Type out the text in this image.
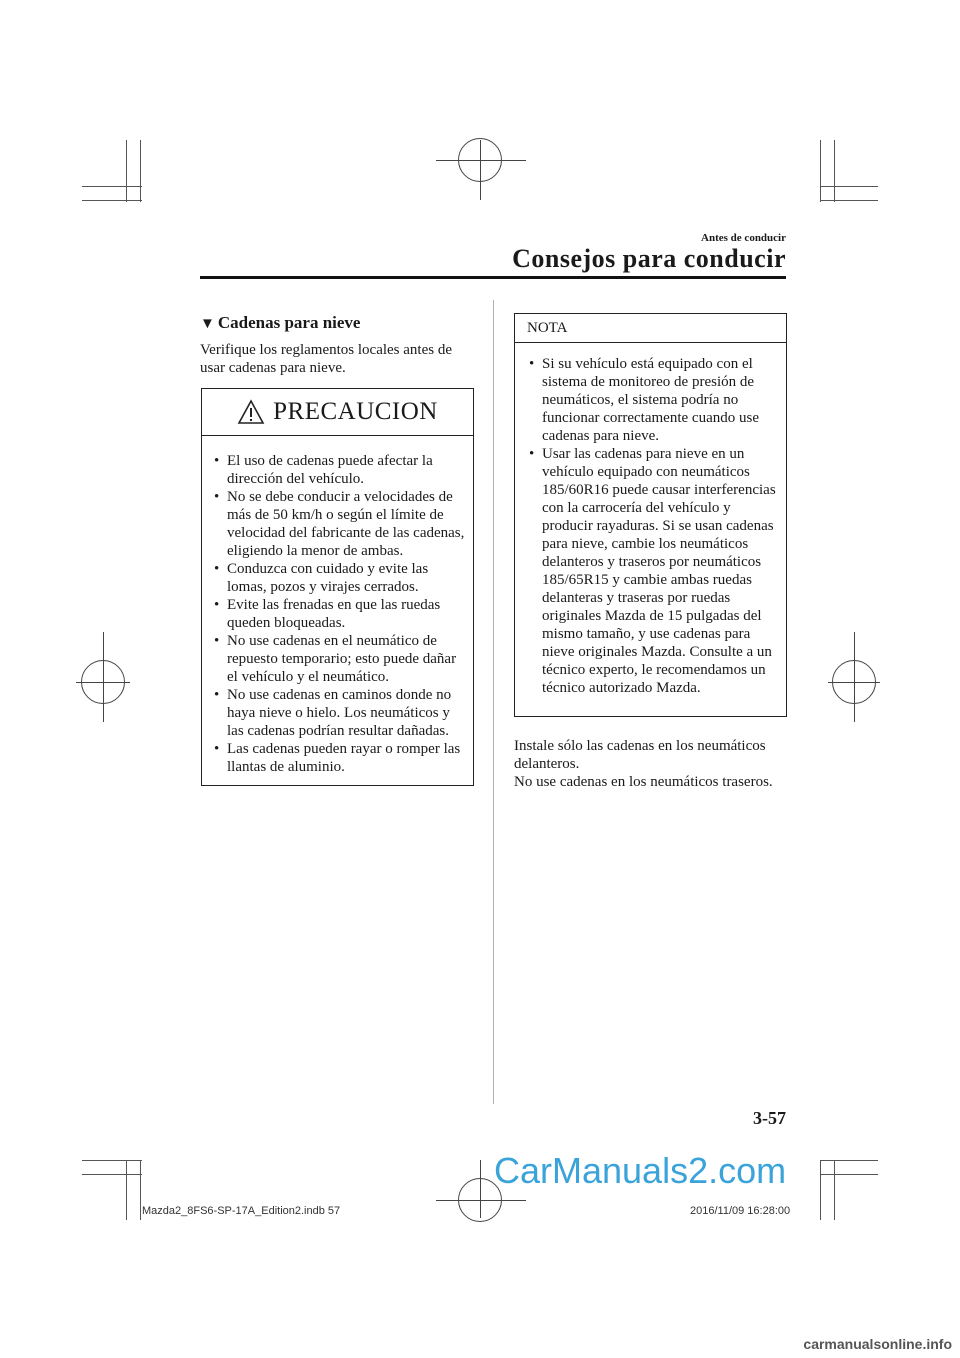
Antes de conducir
Consejos para conducir
▼ Cadenas para nieve
Verifique los reglamentos locales antes de usar cadenas para nieve.
PRECAUCION
• El uso de cadenas puede afectar la dirección del vehículo.
• No se debe conducir a velocidades de más de 50 km/h o según el límite de velocidad del fabricante de las cadenas, eligiendo la menor de ambas.
• Conduzca con cuidado y evite las lomas, pozos y virajes cerrados.
• Evite las frenadas en que las ruedas queden bloqueadas.
• No use cadenas en el neumático de repuesto temporario; esto puede dañar el vehículo y el neumático.
• No use cadenas en caminos donde no haya nieve o hielo. Los neumáticos y las cadenas podrían resultar dañadas.
• Las cadenas pueden rayar o romper las llantas de aluminio.
NOTA
• Si su vehículo está equipado con el sistema de monitoreo de presión de neumáticos, el sistema podría no funcionar correctamente cuando use cadenas para nieve.
• Usar las cadenas para nieve en un vehículo equipado con neumáticos 185/60R16 puede causar interferencias con la carrocería del vehículo y producir rayaduras. Si se usan cadenas para nieve, cambie los neumáticos delanteros y traseros por neumáticos 185/65R15 y cambie ambas ruedas delanteras y traseras por ruedas originales Mazda de 15 pulgadas del mismo tamaño, y use cadenas para nieve originales Mazda. Consulte a un técnico experto, le recomendamos un técnico autorizado Mazda.
Instale sólo las cadenas en los neumáticos delanteros.
No use cadenas en los neumáticos traseros.
3-57
CarManuals2.com
Mazda2_8FS6-SP-17A_Edition2.indb 57	2016/11/09 16:28:00
carmanualsonline.info
